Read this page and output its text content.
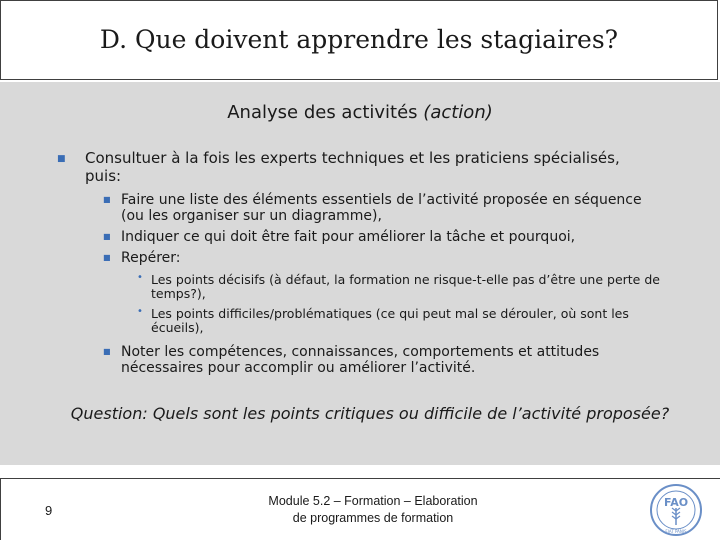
D. Que doivent apprendre les stagiaires?
Analyse des activités (action)
■ Consultuer à la fois les experts techniques et les praticiens spécialisés, puis:
■ Faire une liste des éléments essentiels de l’activité proposée en séquence (ou les organiser sur un diagramme),
■ Indiquer ce qui doit être fait pour améliorer la tâche et pourquoi,
■ Repérer:
• Les points décisifs (à défaut, la formation ne risque-t-elle pas d’être une perte de temps?),
• Les points difficiles/problématiques (ce qui peut mal se dérouler, où sont les écueils),
■ Noter les compétences, connaissances, comportements et attitudes nécessaires pour accomplir ou améliorer l’activité.
Question: Quels sont les points critiques ou difficile de l’activité proposée?
9
Module 5.2 – Formation – Elaboration
de programmes de formation
FAO
FIAT PANIS
